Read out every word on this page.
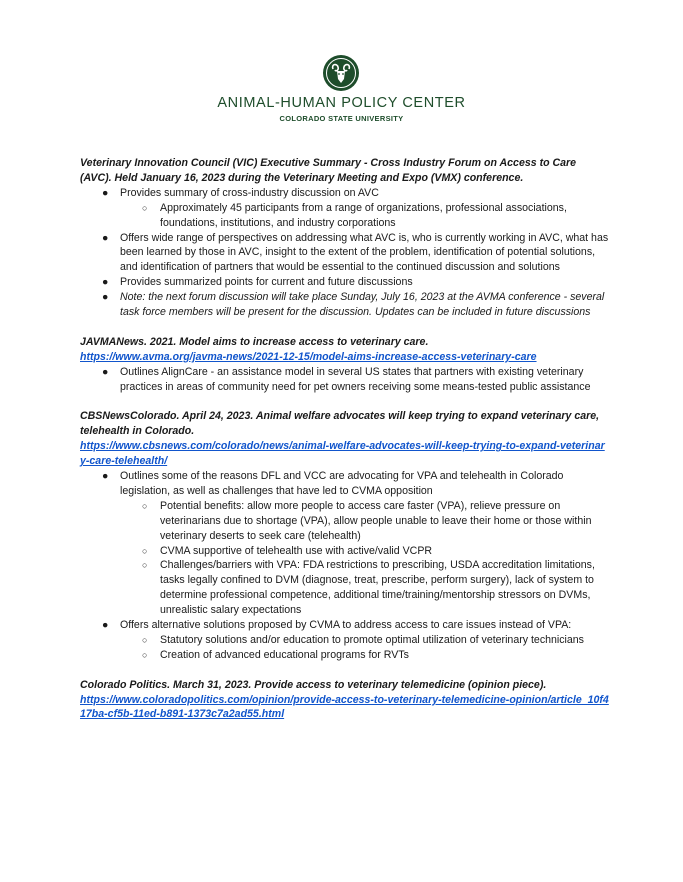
ANIMAL-HUMAN POLICY CENTER
COLORADO STATE UNIVERSITY

Veterinary Innovation Council (VIC) Executive Summary - Cross Industry Forum on Access to Care (AVC). Held January 16, 2023 during the Veterinary Meeting and Expo (VMX) conference.

● Provides summary of cross-industry discussion on AVC
○ Approximately 45 participants from a range of organizations, professional associations, foundations, institutions, and industry corporations
● Offers wide range of perspectives on addressing what AVC is, who is currently working in AVC, what has been learned by those in AVC, insight to the extent of the problem, identification of potential solutions, and identification of partners that would be essential to the continued discussion and solutions
● Provides summarized points for current and future discussions
● Note: the next forum discussion will take place Sunday, July 16, 2023 at the AVMA conference - several task force members will be present for the discussion. Updates can be included in future discussions

JAVMANews. 2021. Model aims to increase access to veterinary care.

https://www.avma.org/javma-news/2021-12-15/model-aims-increase-access-veterinary-care
● Outlines AlignCare - an assistance model in several US states that partners with existing veterinary practices in areas of community need for pet owners receiving some means-tested public assistance

CBSNewsColorado. April 24, 2023. Animal welfare advocates will keep trying to expand veterinary care, telehealth in Colorado.

https://www.cbsnews.com/colorado/news/animal-welfare-advocates-will-keep-trying-to-expand-veterinary-care-telehealth/
● Outlines some of the reasons DFL and VCC are advocating for VPA and telehealth in Colorado legislation, as well as challenges that have led to CVMA opposition
○ Potential benefits: allow more people to access care faster (VPA), relieve pressure on veterinarians due to shortage (VPA), allow people unable to leave their home or those within veterinary deserts to seek care (telehealth)
○ CVMA supportive of telehealth use with active/valid VCPR
○ Challenges/barriers with VPA: FDA restrictions to prescribing, USDA accreditation limitations, tasks legally confined to DVM (diagnose, treat, prescribe, perform surgery), lack of system to determine professional competence, additional time/training/mentorship stressors on DVMs, unrealistic salary expectations
● Offers alternative solutions proposed by CVMA to address access to care issues instead of VPA:
○ Statutory solutions and/or education to promote optimal utilization of veterinary technicians
○ Creation of advanced educational programs for RVTs

Colorado Politics. March 31, 2023. Provide access to veterinary telemedicine (opinion piece).

https://www.coloradopolitics.com/opinion/provide-access-to-veterinary-telemedicine-opinion/article_10f417ba-cf5b-11ed-b891-1373c7a2ad55.html
